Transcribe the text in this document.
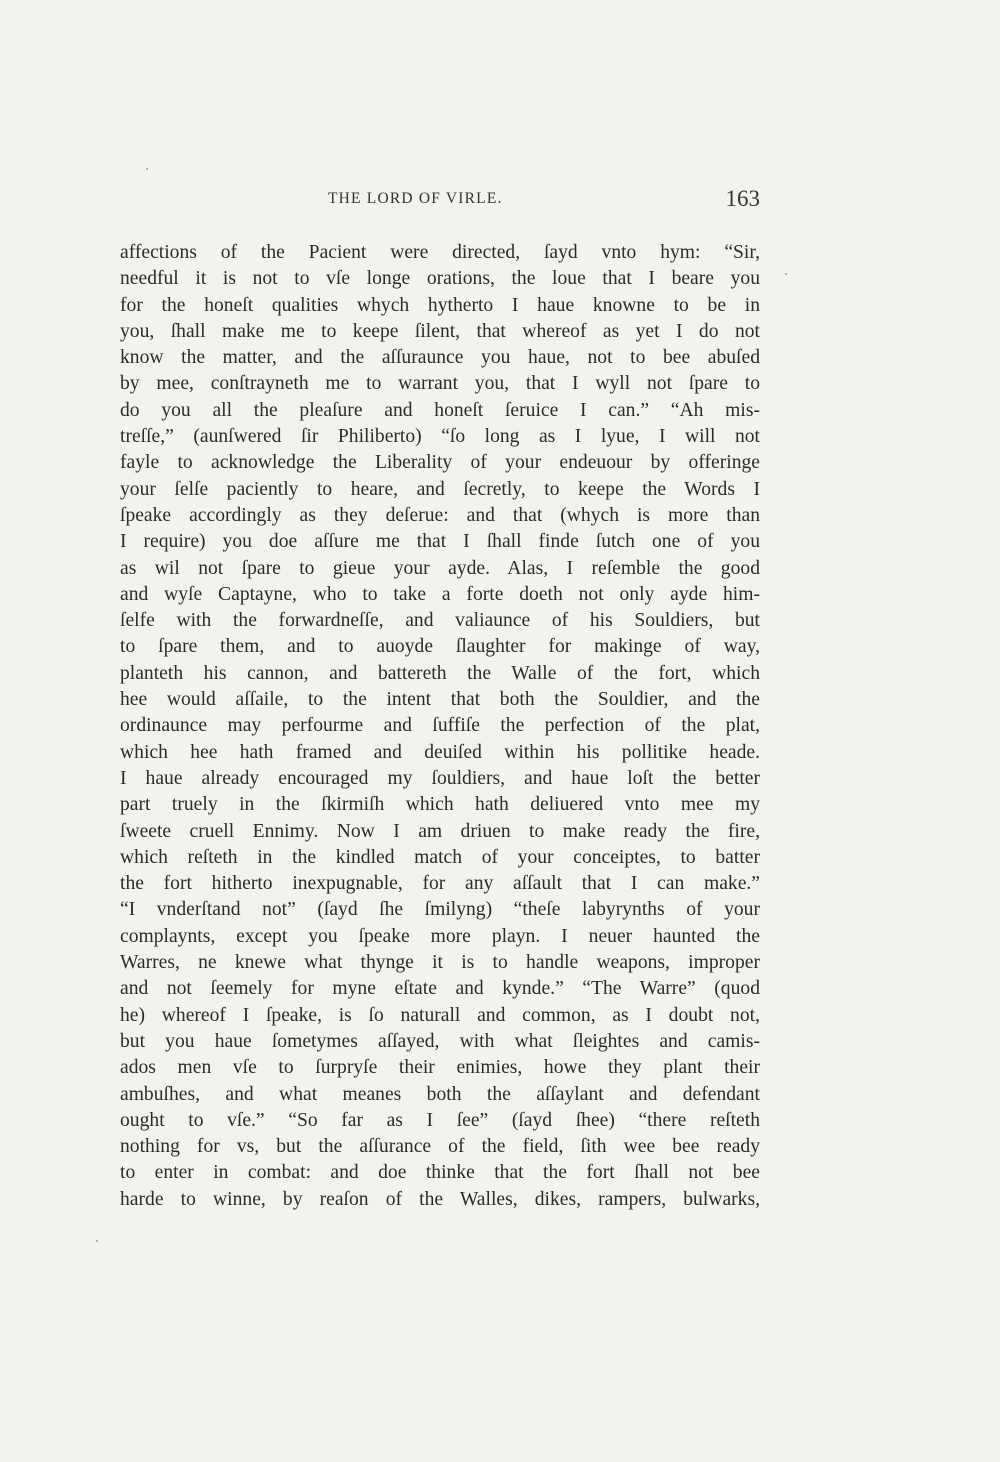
THE LORD OF VIRLE.	163
affections of the Pacient were directed, ſayd vnto hym: “Sir,
needful it is not to vſe longe orations, the loue that I beare you
for the honeſt qualities whych hytherto I haue knowne to be in
you, ſhall make me to keepe ſilent, that whereof as yet I do not
know the matter, and the aſſuraunce you haue, not to bee abuſed
by mee, conſtrayneth me to warrant you, that I wyll not ſpare to
do you all the pleaſure and honeſt ſeruice I can.” “Ah mis-
treſſe,” (aunſwered ſir Philiberto) “ſo long as I lyue, I will not
fayle to acknowledge the Liberality of your endeuour by offeringe
your ſelſe paciently to heare, and ſecretly, to keepe the Words I
ſpeake accordingly as they deſerue: and that (whych is more than
I require) you doe aſſure me that I ſhall finde ſutch one of you
as wil not ſpare to gieue your ayde. Alas, I reſemble the good
and wyſe Captayne, who to take a forte doeth not only ayde him-
ſelfe with the forwardneſſe, and valiaunce of his Souldiers, but
to ſpare them, and to auoyde ſlaughter for makinge of way,
planteth his cannon, and battereth the Walle of the fort, which
hee would aſſaile, to the intent that both the Souldier, and the
ordinaunce may perfourme and ſuffiſe the perfection of the plat,
which hee hath framed and deuiſed within his pollitike heade.
I haue already encouraged my ſouldiers, and haue loſt the better
part truely in the ſkirmiſh which hath deliuered vnto mee my
ſweete cruell Ennimy. Now I am driuen to make ready the fire,
which reſteth in the kindled match of your conceiptes, to batter
the fort hitherto inexpugnable, for any aſſault that I can make.”
“I vnderſtand not” (ſayd ſhe ſmilyng) “theſe labyrynths of your
complaynts, except you ſpeake more playn. I neuer haunted the
Warres, ne knewe what thynge it is to handle weapons, improper
and not ſeemely for myne eſtate and kynde.” “The Warre” (quod
he) whereof I ſpeake, is ſo naturall and common, as I doubt not,
but you haue ſometymes aſſayed, with what ſleightes and camis-
ados men vſe to ſurpryſe their enimies, howe they plant their
ambuſhes, and what meanes both the aſſaylant and defendant
ought to vſe.” “So far as I ſee” (ſayd ſhee) “there reſteth
nothing for vs, but the aſſurance of the field, ſith wee bee ready
to enter in combat: and doe thinke that the fort ſhall not bee
harde to winne, by reaſon of the Walles, dikes, rampers, bulwarks,
